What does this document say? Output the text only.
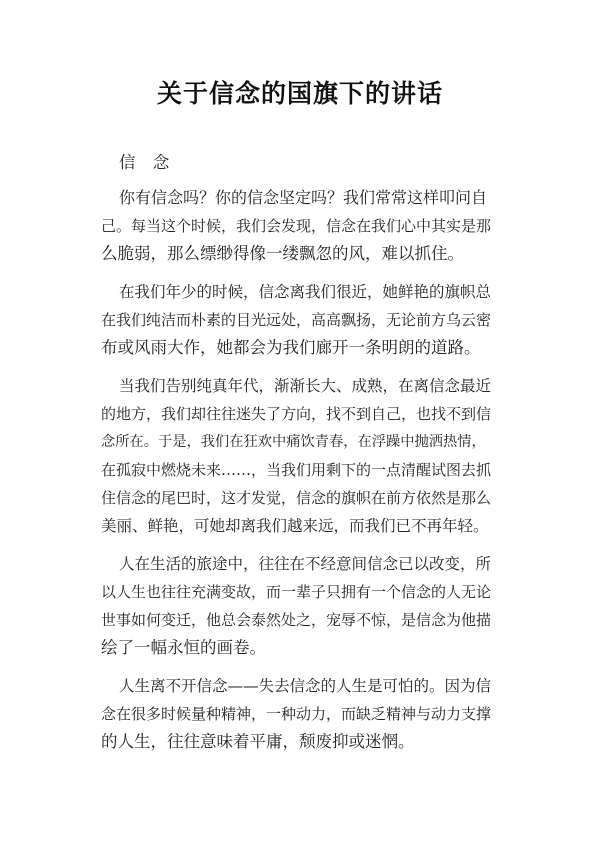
关于信念的国旗下的讲话
信 念
你有信念吗？你的信念坚定吗？我们常常这样叩问自
己。每当这个时候，我们会发现，信念在我们心中其实是那
么脆弱，那么缥缈得像一缕飘忽的风，难以抓住。
在我们年少的时候，信念离我们很近，她鲜艳的旗帜总
在我们纯洁而朴素的目光远处，高高飘扬，无论前方乌云密
布或风雨大作，她都会为我们廊开一条明朗的道路。
当我们告别纯真年代，渐渐长大、成熟，在离信念最近
的地方，我们却往往迷失了方向，找不到自己，也找不到信
念所在。于是，我们在狂欢中痛饮青春，在浮躁中抛洒热情，
在孤寂中燃烧未来……，当我们用剩下的一点清醒试图去抓
住信念的尾巴时，这才发觉，信念的旗帜在前方依然是那么
美丽、鲜艳，可她却离我们越来远，而我们已不再年轻。
人在生活的旅途中，往往在不经意间信念已以改变，所
以人生也往往充满变故，而一辈子只拥有一个信念的人无论
世事如何变迁，他总会泰然处之，宠辱不惊，是信念为他描
绘了一幅永恒的画卷。
人生离不开信念——失去信念的人生是可怕的。因为信
念在很多时候量种精神，一种动力，而缺乏精神与动力支撑
的人生，往往意味着平庸，颓废抑或迷惘。
